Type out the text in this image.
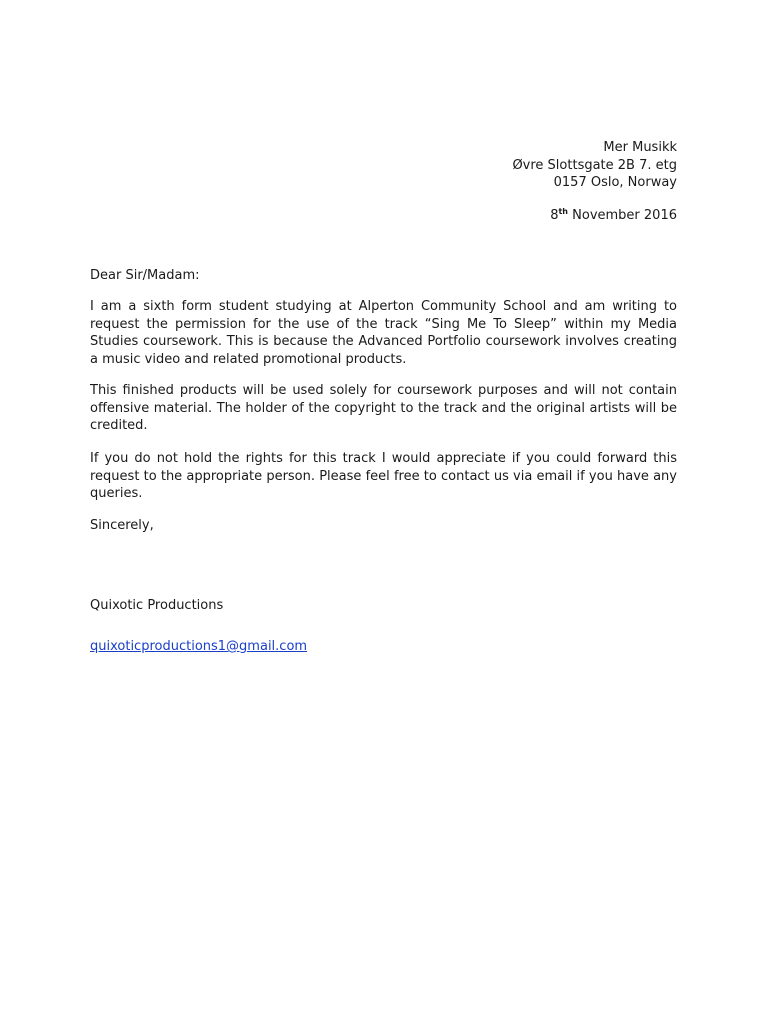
Mer Musikk
Øvre Slottsgate 2B 7. etg
0157 Oslo, Norway
8th November 2016

Dear Sir/Madam:

I am a sixth form student studying at Alperton Community School and am writing to request the permission for the use of the track “Sing Me To Sleep” within my Media Studies coursework. This is because the Advanced Portfolio coursework involves creating a music video and related promotional products.

This finished products will be used solely for coursework purposes and will not contain offensive material. The holder of the copyright to the track and the original artists will be credited.

If you do not hold the rights for this track I would appreciate if you could forward this request to the appropriate person. Please feel free to contact us via email if you have any queries.

Sincerely,

Quixotic Productions

quixoticproductions1@gmail.com
